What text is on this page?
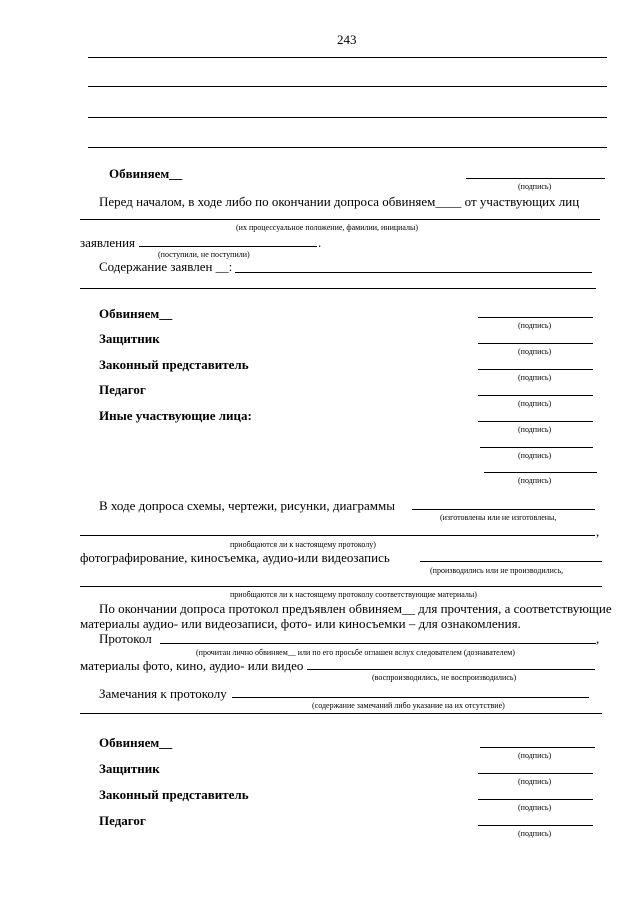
243
Обвиняем__
(подпись)
Перед началом, в ходе либо по окончании допроса обвиняем____ от участвующих лиц
(их процессуальное положение, фамилии, инициалы)
заявления	.
(поступили, не поступили)
Содержание заявлен __:
Обвиняем__
(подпись)
Защитник
(подпись)
Законный представитель
(подпись)
Педагог
(подпись)
Иные участвующие лица:
(подпись)
(подпись)
(подпись)
В ходе допроса схемы, чертежи, рисунки, диаграммы
(изготовлены или не изготовлены,
,
приобщаются ли к настоящему протоколу)
фотографирование, киносъемка, аудио-или видеозапись
(производились или не производились,
приобщаются ли к настоящему протоколу соответствующие материалы)
По окончании допроса протокол предъявлен обвиняем__ для прочтения, а соответствующие
материалы аудио- или видеозаписи, фото- или киносъемки – для ознакомления.
Протокол	,
(прочитан лично обвиняем__ или по его просьбе оглашен вслух следователем (дознавателем)
материалы фото, кино, аудио- или видео
(воспроизводились, не воспроизводились)
Замечания к протоколу
(содержание замечаний либо указание на их отсутствие)
Обвиняем__
(подпись)
Защитник
(подпись)
Законный представитель
(подпись)
Педагог
(подпись)
